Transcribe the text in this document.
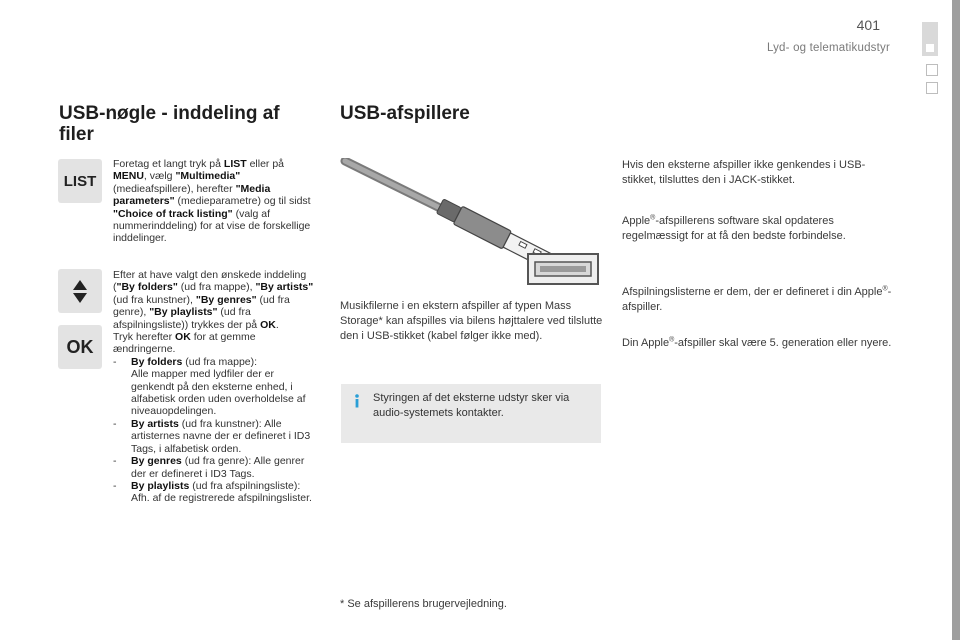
401
Lyd- og telematikudstyr
USB-nøgle - inddeling af filer
LIST
OK
Foretag et langt tryk på LIST eller på MENU, vælg "Multimedia" (medieafspillere), herefter "Media parameters" (medieparametre) og til sidst "Choice of track listing" (valg af nummerinddeling) for at vise de forskellige inddelinger.
Efter at have valgt den ønskede inddeling
("By folders" (ud fra mappe), "By artists"
(ud fra kunstner), "By genres" (ud fra genre), "By playlists" (ud fra afspilningsliste)) trykkes der på OK.
Tryk herefter OK for at gemme ændringerne.
-	By folders (ud fra mappe):
Alle mapper med lydfiler der er genkendt på den eksterne enhed, i alfabetisk orden uden overholdelse af niveauopdelingen.
-	By artists (ud fra kunstner): Alle artisternes navne der er defineret i ID3 Tags, i alfabetisk orden.
-	By genres (ud fra genre): Alle genrer der er defineret i ID3 Tags.
-	By playlists (ud fra afspilningsliste):
Afh. af de registrerede afspilningslister.
USB-afspillere
Musikfilerne i en ekstern afspiller af typen Mass Storage* kan afspilles via bilens højttalere ved tilslutte den i USB-stikket (kabel følger ikke med).
Styringen af det eksterne udstyr sker via audio-systemets kontakter.
* Se afspillerens brugervejledning.
Hvis den eksterne afspiller ikke genkendes i USB-stikket, tilsluttes den i JACK-stikket.
Apple®-afspillerens software skal opdateres regelmæssigt for at få den bedste forbindelse.
Afspilningslisterne er dem, der er defineret i din Apple®-afspiller.
Din Apple®-afspiller skal være 5. generation eller nyere.
